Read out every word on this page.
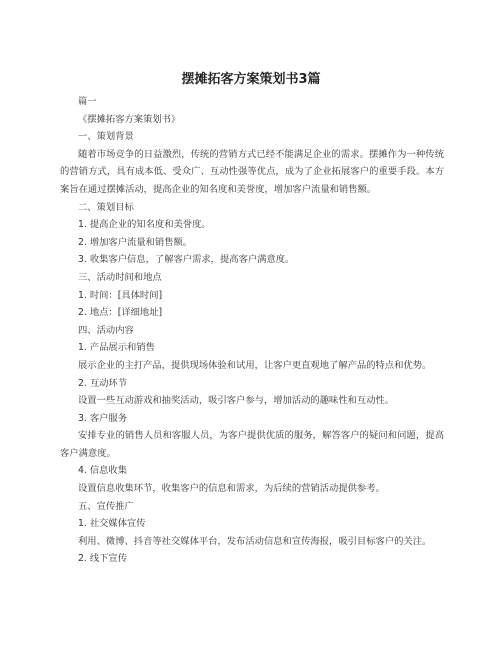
摆摊拓客方案策划书3篇

篇一

《摆摊拓客方案策划书》

一、策划背景

随着市场竞争的日益激烈，传统的营销方式已经不能满足企业的需求。摆摊作为一种传统的营销方式，具有成本低、受众广、互动性强等优点，成为了企业拓展客户的重要手段。本方案旨在通过摆摊活动，提高企业的知名度和美誉度，增加客户流量和销售额。

二、策划目标

1. 提高企业的知名度和美誉度。

2. 增加客户流量和销售额。

3. 收集客户信息，了解客户需求，提高客户满意度。

三、活动时间和地点

1. 时间：[具体时间]

2. 地点：[详细地址]

四、活动内容

1. 产品展示和销售

展示企业的主打产品，提供现场体验和试用，让客户更直观地了解产品的特点和优势。

2. 互动环节

设置一些互动游戏和抽奖活动，吸引客户参与，增加活动的趣味性和互动性。

3. 客户服务

安排专业的销售人员和客服人员，为客户提供优质的服务，解答客户的疑问和问题，提高客户满意度。

4. 信息收集

设置信息收集环节，收集客户的信息和需求，为后续的营销活动提供参考。

五、宣传推广

1. 社交媒体宣传

利用、微博、抖音等社交媒体平台，发布活动信息和宣传海报，吸引目标客户的关注。

2. 线下宣传
